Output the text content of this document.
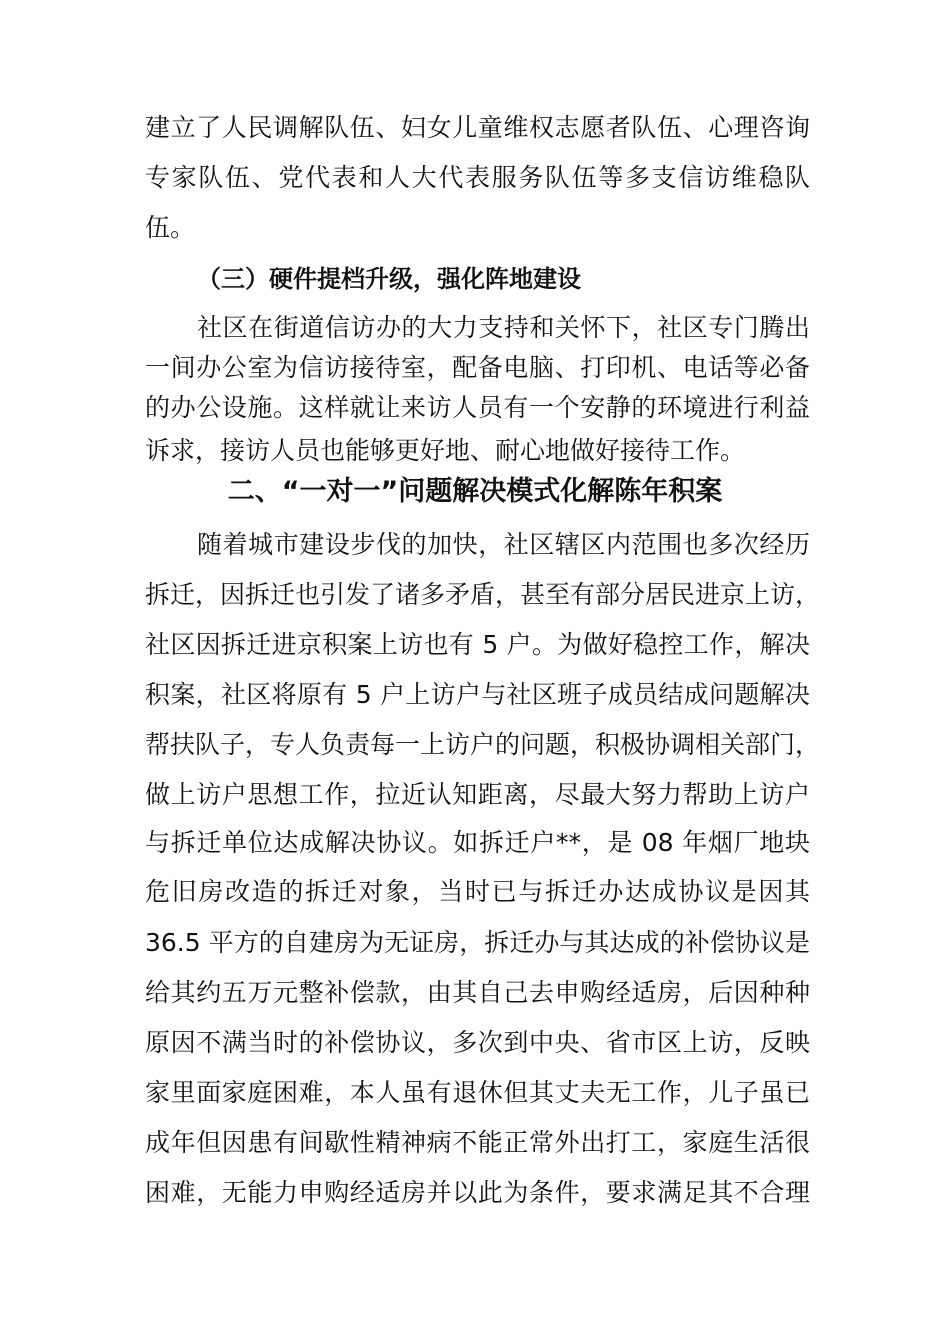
建立了人民调解队伍、妇女儿童维权志愿者队伍、心理咨询
专家队伍、党代表和人大代表服务队伍等多支信访维稳队
伍。
（三）硬件提档升级，强化阵地建设
社区在街道信访办的大力支持和关怀下，社区专门腾出
一间办公室为信访接待室，配备电脑、打印机、电话等必备
的办公设施。这样就让来访人员有一个安静的环境进行利益
诉求，接访人员也能够更好地、耐心地做好接待工作。
二、“一对一”问题解决模式化解陈年积案
随着城市建设步伐的加快，社区辖区内范围也多次经历
拆迁，因拆迁也引发了诸多矛盾，甚至有部分居民进京上访，
社区因拆迁进京积案上访也有 5 户。为做好稳控工作，解决
积案，社区将原有 5 户上访户与社区班子成员结成问题解决
帮扶队子，专人负责每一上访户的问题，积极协调相关部门，
做上访户思想工作，拉近认知距离，尽最大努力帮助上访户
与拆迁单位达成解决协议。如拆迁户**，是 08 年烟厂地块
危旧房改造的拆迁对象，当时已与拆迁办达成协议是因其
36.5 平方的自建房为无证房，拆迁办与其达成的补偿协议是
给其约五万元整补偿款，由其自己去申购经适房，后因种种
原因不满当时的补偿协议，多次到中央、省市区上访，反映
家里面家庭困难，本人虽有退休但其丈夫无工作，儿子虽已
成年但因患有间歇性精神病不能正常外出打工，家庭生活很
困难，无能力申购经适房并以此为条件，要求满足其不合理
